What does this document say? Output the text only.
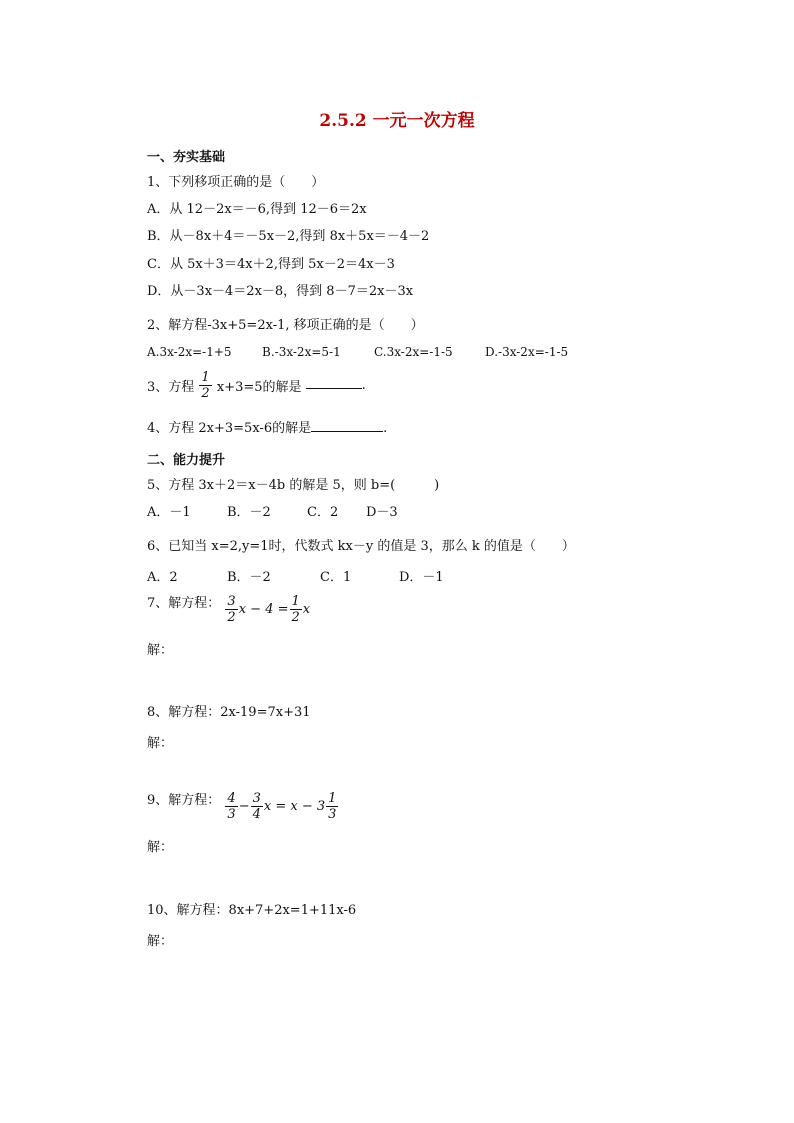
2.5.2 一元一次方程
一、夯实基础
1、下列移项正确的是（　　）
A．从 12－2x＝－6,得到 12－6＝2x
B．从－8x＋4＝－5x－2,得到 8x＋5x＝－4－2
C．从 5x＋3＝4x＋2,得到 5x－2＝4x－3
D．从－3x－4＝2x－8，得到 8－7＝2x－3x
2、解方程-3x+5=2x-1, 移项正确的是（　　）
A.3x-2x=-1+5	B.-3x-2x=5-1	C.3x-2x=-1-5	D.-3x-2x=-1-5
3、方程 $\frac{1}{2} x+3=5$的解是	.
4、方程 2x+3=5x-6的解是	.
二、能力提升
5、方程 3x＋2＝x－4b 的解是 5，则 b=(　　　)
A．－1	B．－2	C．2 D－3
6、已知当 x=2,y=1时，代数式 kx－y 的值是 3，那么 k 的值是（　　）
A．2	B．－2	C．1	D．－1
7、解方程： $\frac{3}{2}$ $x - 4 = \frac{1}{2}$ x
解：
8、解方程：2x-19=7x+31
解：
9、解方程： $\frac{4}{3} - \frac{3}{4}$ $x = x - 3 \frac{1}{3}$
解：
10、解方程：8x+7+2x=1+11x-6
解：
